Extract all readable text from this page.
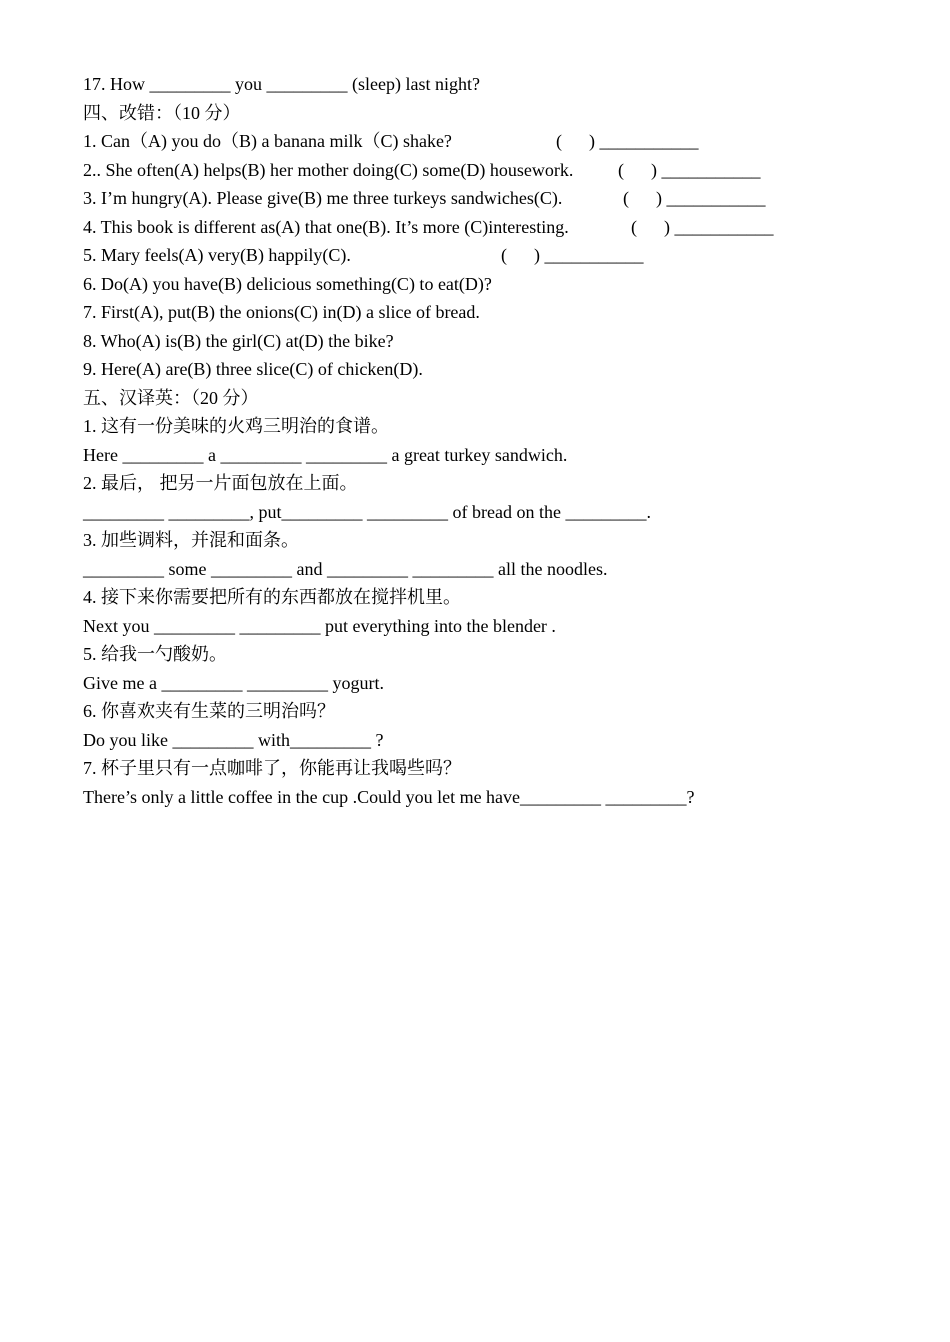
17. How _________ you _________ (sleep) last night?
四、改错：（10 分）
1. Can（A) you do（B) a banana milk（C) shake?	(      ) ___________
2.. She often(A) helps(B) her mother doing(C) some(D) housework. (      ) ___________
3. I’m hungry(A). Please give(B) me three turkeys sandwiches(C).	(      ) ___________
4. This book is different as(A) that one(B). It’s more (C)interesting.	(      ) ___________
5. Mary feels(A) very(B) happily(C).	(      ) ___________
6. Do(A) you have(B) delicious something(C) to eat(D)?
7. First(A), put(B) the onions(C) in(D) a slice of bread.
8. Who(A) is(B) the girl(C) at(D) the bike?
9. Here(A) are(B) three slice(C) of chicken(D).
五、汉译英：（20 分）
1. 这有一份美味的火鸡三明治的食谱。
Here _________ a _________ _________ a great turkey sandwich.
2. 最后， 把另一片面包放在上面。
_________ _________, put_________ _________ of bread on the _________.
3. 加些调料，并混和面条。
_________ some _________ and _________ _________ all the noodles.
4. 接下来你需要把所有的东西都放在搅拌机里。
Next you _________ _________ put everything into the blender .
5. 给我一勺酸奶。
Give me a _________ _________ yogurt.
6. 你喜欢夹有生菜的三明治吗？
Do you like _________ with_________ ?
7. 杯子里只有一点咖啡了，你能再让我喝些吗？
There’s only a little coffee in the cup .Could you let me have_________ _________?
